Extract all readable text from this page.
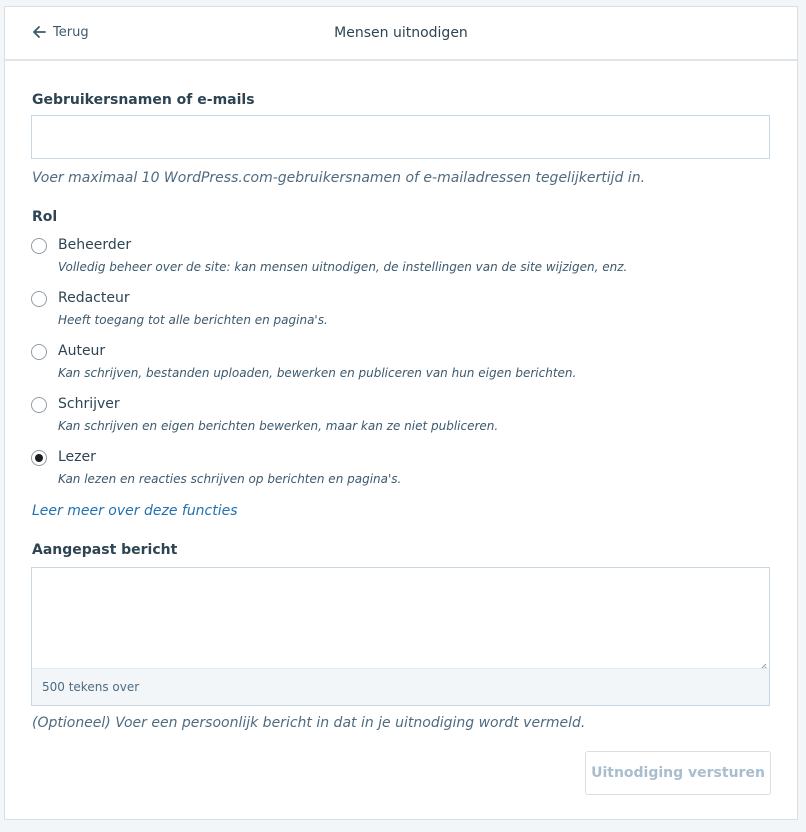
Terug	Mensen uitnodigen
Gebruikersnamen of e-mails
Voer maximaal 10 WordPress.com-gebruikersnamen of e-mailadressen tegelijkertijd in.
Rol
Beheerder
Volledig beheer over de site: kan mensen uitnodigen, de instellingen van de site wijzigen, enz.
Redacteur
Heeft toegang tot alle berichten en pagina's.
Auteur
Kan schrijven, bestanden uploaden, bewerken en publiceren van hun eigen berichten.
Schrijver
Kan schrijven en eigen berichten bewerken, maar kan ze niet publiceren.
Lezer
Kan lezen en reacties schrijven op berichten en pagina's.
Leer meer over deze functies
Aangepast bericht
500 tekens over
(Optioneel) Voer een persoonlijk bericht in dat in je uitnodiging wordt vermeld.
Uitnodiging versturen
